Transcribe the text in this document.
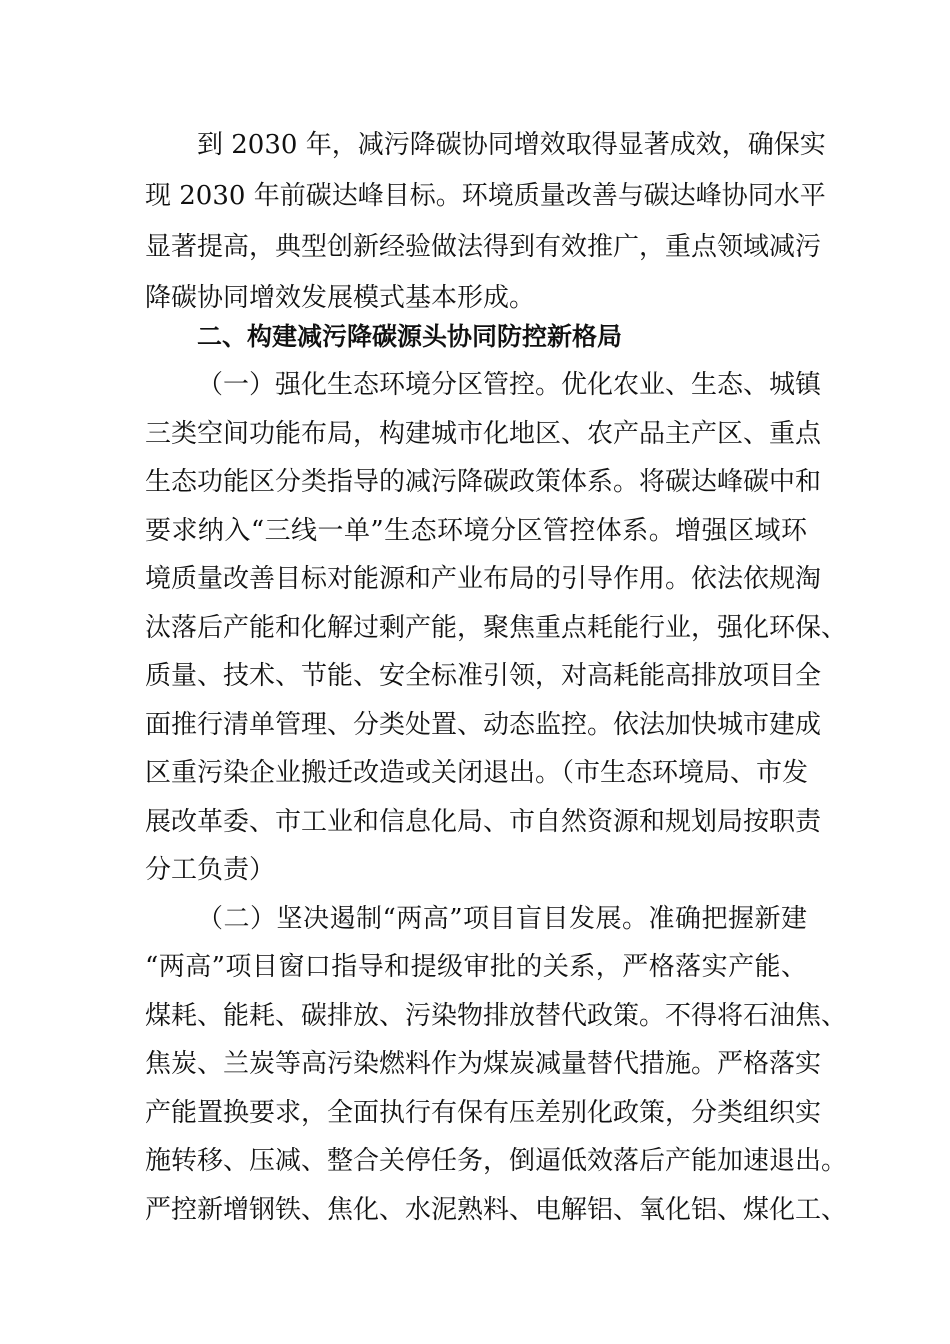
到 2030 年，减污降碳协同增效取得显著成效，确保实
现 2030 年前碳达峰目标。环境质量改善与碳达峰协同水平
显著提高，典型创新经验做法得到有效推广，重点领域减污
降碳协同增效发展模式基本形成。
二、构建减污降碳源头协同防控新格局
（一）强化生态环境分区管控。优化农业、生态、城镇
三类空间功能布局，构建城市化地区、农产品主产区、重点
生态功能区分类指导的减污降碳政策体系。将碳达峰碳中和
要求纳入“三线一单”生态环境分区管控体系。增强区域环
境质量改善目标对能源和产业布局的引导作用。依法依规淘
汰落后产能和化解过剩产能，聚焦重点耗能行业，强化环保、
质量、技术、节能、安全标准引领，对高耗能高排放项目全
面推行清单管理、分类处置、动态监控。依法加快城市建成
区重污染企业搬迁改造或关闭退出。（市生态环境局、市发
展改革委、市工业和信息化局、市自然资源和规划局按职责
分工负责）
（二）坚决遏制“两高”项目盲目发展。准确把握新建
“两高”项目窗口指导和提级审批的关系，严格落实产能、
煤耗、能耗、碳排放、污染物排放替代政策。不得将石油焦、
焦炭、兰炭等高污染燃料作为煤炭减量替代措施。严格落实
产能置换要求，全面执行有保有压差别化政策，分类组织实
施转移、压减、整合关停任务，倒逼低效落后产能加速退出。
严控新增钢铁、焦化、水泥熟料、电解铝、氧化铝、煤化工、
